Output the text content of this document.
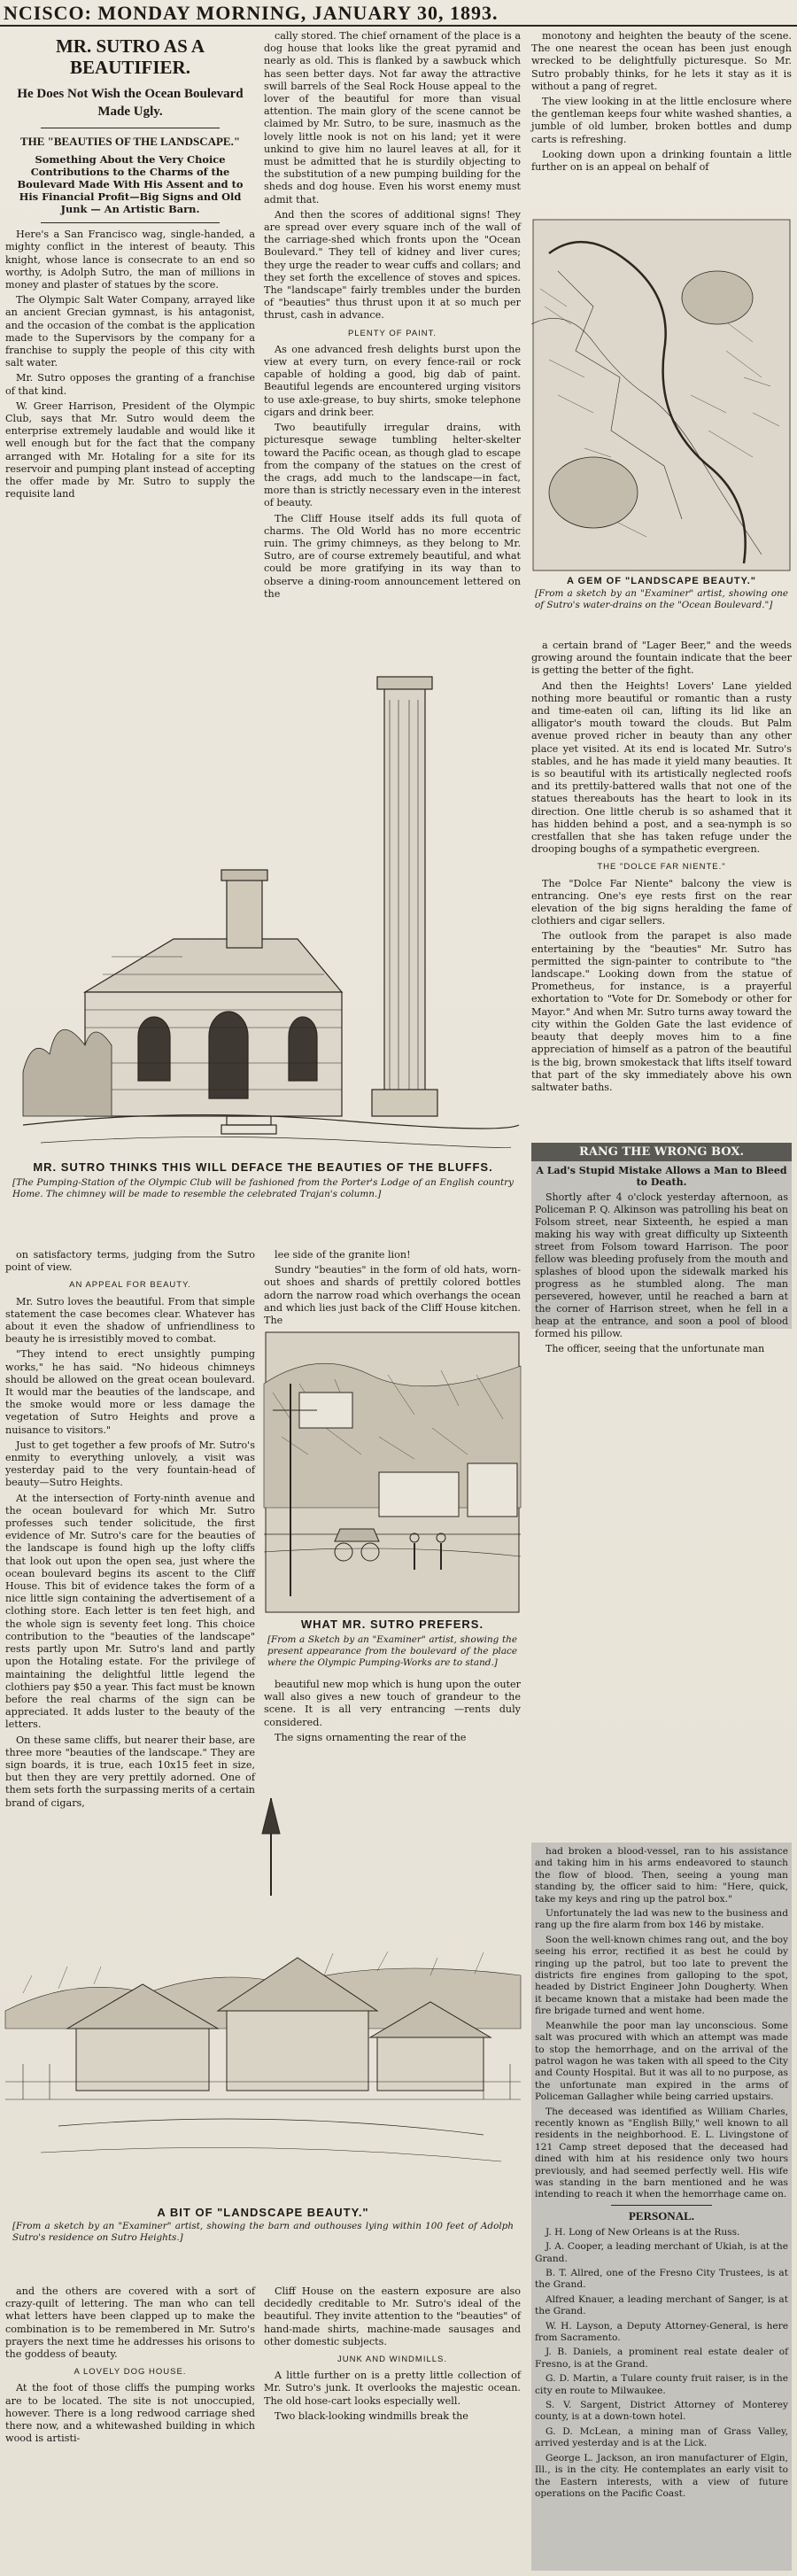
NCISCO: MONDAY MORNING, JANUARY 30, 1893.
MR. SUTRO AS A BEAUTIFIER.
He Does Not Wish the Ocean Boulevard Made Ugly.
THE "BEAUTIES OF THE LANDSCAPE."
Something About the Very Choice Contributions to the Charms of the Boulevard Made With His Assent and to His Financial Profit—Big Signs and Old Junk — An Artistic Barn.

Here's a San Francisco wag, single-handed, a mighty conflict in the interest of beauty. This knight, whose lance is consecrate to an end so worthy, is Adolph Sutro, the man of millions in money and plaster of statues by the score.

The Olympic Salt Water Company, arrayed like an ancient Grecian gymnast, is his antagonist, and the occasion of the combat is the application made to the Supervisors by the company for a franchise to supply the people of this city with salt water.

Mr. Sutro opposes the granting of a franchise of that kind.

W. Greer Harrison, President of the Olympic Club, says that Mr. Sutro would deem the enterprise extremely laudable and would like it well enough but for the fact that the company arranged with Mr. Hotaling for a site for its reservoir and pumping plant instead of accepting the offer made by Mr. Sutro to supply the requisite land

cally stored. The chief ornament of the place is a dog house that looks like the great pyramid and nearly as old. This is flanked by a sawbuck which has seen better days. Not far away the attractive swill barrels of the Seal Rock House appeal to the lover of the beautiful for more than visual attention. The main glory of the scene cannot be claimed by Mr. Sutro, to be sure, inasmuch as the lovely little nook is not on his land; yet it were unkind to give him no laurel leaves at all, for it must be admitted that he is sturdily objecting to the substitution of a new pumping building for the sheds and dog house. Even his worst enemy must admit that.

And then the scores of additional signs! They are spread over every square inch of the wall of the carriage-shed which fronts upon the "Ocean Boulevard." They tell of kidney and liver cures; they urge the reader to wear cuffs and collars; and they set forth the excellence of stoves and spices. The "landscape" fairly trembles under the burden of "beauties" thus thrust upon it at so much per thrust, cash in advance.

PLENTY OF PAINT.

As one advanced fresh delights burst upon the view at every turn, on every fence-rail or rock capable of holding a good, big dab of paint. Beautiful legends are encountered urging visitors to use axle-grease, to buy shirts, smoke telephone cigars and drink beer.

Two beautifully irregular drains, with picturesque sewage tumbling helter-skelter toward the Pacific ocean, as though glad to escape from the company of the statues on the crest of the crags, add much to the landscape—in fact, more than is strictly necessary even in the interest of beauty.

The Cliff House itself adds its full quota of charms. The Old World has no more eccentric ruin. The grimy chimneys, as they belong to Mr. Sutro, are of course extremely beautiful, and what could be more gratifying in its way than to observe a dining-room announcement lettered on the

MR. SUTRO THINKS THIS WILL DEFACE THE BEAUTIES OF THE BLUFFS.
[The Pumping-Station of the Olympic Club will be fashioned from the Porter's Lodge of an English country Home. The chimney will be made to resemble the celebrated Trajan's column.]

on satisfactory terms, judging from the Sutro point of view.

AN APPEAL FOR BEAUTY.

Mr. Sutro loves the beautiful. From that simple statement the case becomes clear. Whatever has about it even the shadow of unfriendliness to beauty he is irresistibly moved to combat.

"They intend to erect unsightly pumping works," he has said. "No hideous chimneys should be allowed on the great ocean boulevard. It would mar the beauties of the landscape, and the smoke would more or less damage the vegetation of Sutro Heights and prove a nuisance to visitors."

Just to get together a few proofs of Mr. Sutro's enmity to everything unlovely, a visit was yesterday paid to the very fountain-head of beauty—Sutro Heights.

At the intersection of Forty-ninth avenue and the ocean boulevard for which Mr. Sutro professes such tender solicitude, the first evidence of Mr. Sutro's care for the beauties of the landscape is found high up the lofty cliffs that look out upon the open sea, just where the ocean boulevard begins its ascent to the Cliff House. This bit of evidence takes the form of a nice little sign containing the advertisement of a clothing store. Each letter is ten feet high, and the whole sign is seventy feet long. This choice contribution to the "beauties of the landscape" rests partly upon Mr. Sutro's land and partly upon the Hotaling estate. For the privilege of maintaining the delightful little legend the clothiers pay $50 a year. This fact must be known before the real charms of the sign can be appreciated. It adds luster to the beauty of the letters.

On these same cliffs, but nearer their base, are three more "beauties of the landscape." They are sign boards, it is true, each 10x15 feet in size, but then they are very prettily adorned. One of them sets forth the surpassing merits of a certain brand of cigars,

lee side of the granite lion!

Sundry "beauties" in the form of old hats, worn-out shoes and shards of prettily colored bottles adorn the narrow road which overhangs the ocean and which lies just back of the Cliff House kitchen. The

WHAT MR. SUTRO PREFERS.
[From a Sketch by an "Examiner" artist, showing the present appearance from the boulevard of the place where the Olympic Pumping-Works are to stand.]

beautiful new mop which is hung upon the outer wall also gives a new touch of grandeur to the scene. It is all very entrancing —rents duly considered.

The signs ornamenting the rear of the

A BIT OF "LANDSCAPE BEAUTY."
[From a sketch by an "Examiner" artist, showing the barn and outhouses lying within 100 feet of Adolph Sutro's residence on Sutro Heights.]

and the others are covered with a sort of crazy-quilt of lettering. The man who can tell what letters have been clapped up to make the combination is to be remembered in Mr. Sutro's prayers the next time he addresses his orisons to the goddess of beauty.

A LOVELY DOG HOUSE.

At the foot of those cliffs the pumping works are to be located. The site is not unoccupied, however. There is a long redwood carriage shed there now, and a whitewashed building in which wood is artisti-

Cliff House on the eastern exposure are also decidedly creditable to Mr. Sutro's ideal of the beautiful. They invite attention to the "beauties" of hand-made shirts, machine-made sausages and other domestic subjects.

JUNK AND WINDMILLS.

A little further on is a pretty little collection of Mr. Sutro's junk. It overlooks the majestic ocean. The old hose-cart looks especially well.

Two black-looking windmills break the

monotony and heighten the beauty of the scene. The one nearest the ocean has been just enough wrecked to be delightfully picturesque. So Mr. Sutro probably thinks, for he lets it stay as it is without a pang of regret.

The view looking in at the little enclosure where the gentleman keeps four white washed shanties, a jumble of old lumber, broken bottles and dump carts is refreshing.

Looking down upon a drinking fountain a little further on is an appeal on behalf of

A GEM OF "LANDSCAPE BEAUTY."
[From a sketch by an "Examiner" artist, showing one of Sutro's water-drains on the "Ocean Boulevard."]

a certain brand of "Lager Beer," and the weeds growing around the fountain indicate that the beer is getting the better of the fight.

And then the Heights! Lovers' Lane yielded nothing more beautiful or romantic than a rusty and time-eaten oil can, lifting its lid like an alligator's mouth toward the clouds. But Palm avenue proved richer in beauty than any other place yet visited. At its end is located Mr. Sutro's stables, and he has made it yield many beauties. It is so beautiful with its artistically neglected roofs and its prettily-battered walls that not one of the statues thereabouts has the heart to look in its direction. One little cherub is so ashamed that it has hidden behind a post, and a sea-nymph is so crestfallen that she has taken refuge under the drooping boughs of a sympathetic evergreen.

THE "DOLCE FAR NIENTE."

The "Dolce Far Niente" balcony the view is entrancing. One's eye rests first on the rear elevation of the big signs heralding the fame of clothiers and cigar sellers.

The outlook from the parapet is also made entertaining by the "beauties" Mr. Sutro has permitted the sign-painter to contribute to "the landscape." Looking down from the statue of Prometheus, for instance, is a prayerful exhortation to "Vote for Dr. Somebody or other for Mayor." And when Mr. Sutro turns away toward the city within the Golden Gate the last evidence of beauty that deeply moves him to a fine appreciation of himself as a patron of the beautiful is the big, brown smokestack that lifts itself toward that part of the sky immediately above his own saltwater baths.

RANG THE WRONG BOX.
A Lad's Stupid Mistake Allows a Man to Bleed to Death.

Shortly after 4 o'clock yesterday afternoon, as Policeman P. Q. Alkinson was patrolling his beat on Folsom street, near Sixteenth, he espied a man making his way with great difficulty up Sixteenth street from Folsom toward Harrison. The poor fellow was bleeding profusely from the mouth and splashes of blood upon the sidewalk marked his progress as he stumbled along. The man persevered, however, until he reached a barn at the corner of Harrison street, when he fell in a heap at the entrance, and soon a pool of blood formed his pillow.

The officer, seeing that the unfortunate man

had broken a blood-vessel, ran to his assistance and taking him in his arms endeavored to staunch the flow of blood. Then, seeing a young man standing by, the officer said to him: "Here, quick, take my keys and ring up the patrol box."

Unfortunately the lad was new to the business and rang up the fire alarm from box 146 by mistake.

Soon the well-known chimes rang out, and the boy seeing his error, rectified it as best he could by ringing up the patrol, but too late to prevent the districts fire engines from galloping to the spot, headed by District Engineer John Dougherty. When it became known that a mistake had been made the fire brigade turned and went home.

Meanwhile the poor man lay unconscious. Some salt was procured with which an attempt was made to stop the hemorrhage, and on the arrival of the patrol wagon he was taken with all speed to the City and County Hospital. But it was all to no purpose, as the unfortunate man expired in the arms of Policeman Gallagher while being carried upstairs.

The deceased was identified as William Charles, recently known as "English Billy," well known to all residents in the neighborhood. E. L. Livingstone of 121 Camp street deposed that the deceased had dined with him at his residence only two hours previously, and had seemed perfectly well. His wife was standing in the barn mentioned and he was intending to reach it when the hemorrhage came on.

PERSONAL.

J. H. Long of New Orleans is at the Russ.

J. A. Cooper, a leading merchant of Ukiah, is at the Grand.

B. T. Allred, one of the Fresno City Trustees, is at the Grand.

Alfred Knauer, a leading merchant of Sanger, is at the Grand.

W. H. Layson, a Deputy Attorney-General, is here from Sacramento.

J. B. Daniels, a prominent real estate dealer of Fresno, is at the Grand.

G. D. Martin, a Tulare county fruit raiser, is in the city en route to Milwaukee.

S. V. Sargent, District Attorney of Monterey county, is at a down-town hotel.

G. D. McLean, a mining man of Grass Valley, arrived yesterday and is at the Lick.

George L. Jackson, an iron manufacturer of Elgin, Ill., is in the city. He contemplates an early visit to the Eastern interests, with a view of future operations on the Pacific Coast.
